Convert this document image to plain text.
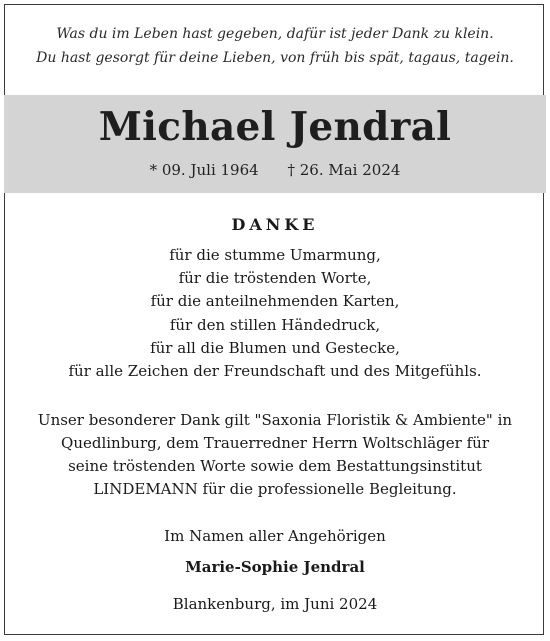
Was du im Leben hast gegeben, dafür ist jeder Dank zu klein.
Du hast gesorgt für deine Lieben, von früh bis spät, tagaus, tagein.
Michael Jendral
* 09. Juli 1964 † 26. Mai 2024
DANKE
für die stumme Umarmung,
für die tröstenden Worte,
für die anteilnehmenden Karten,
für den stillen Händedruck,
für all die Blumen und Gestecke,
für alle Zeichen der Freundschaft und des Mitgefühls.
Unser besonderer Dank gilt "Saxonia Floristik & Ambiente" in
Quedlinburg, dem Trauerredner Herrn Woltschläger für
seine tröstenden Worte sowie dem Bestattungsinstitut
LINDEMANN für die professionelle Begleitung.
Im Namen aller Angehörigen
Marie-Sophie Jendral
Blankenburg, im Juni 2024
